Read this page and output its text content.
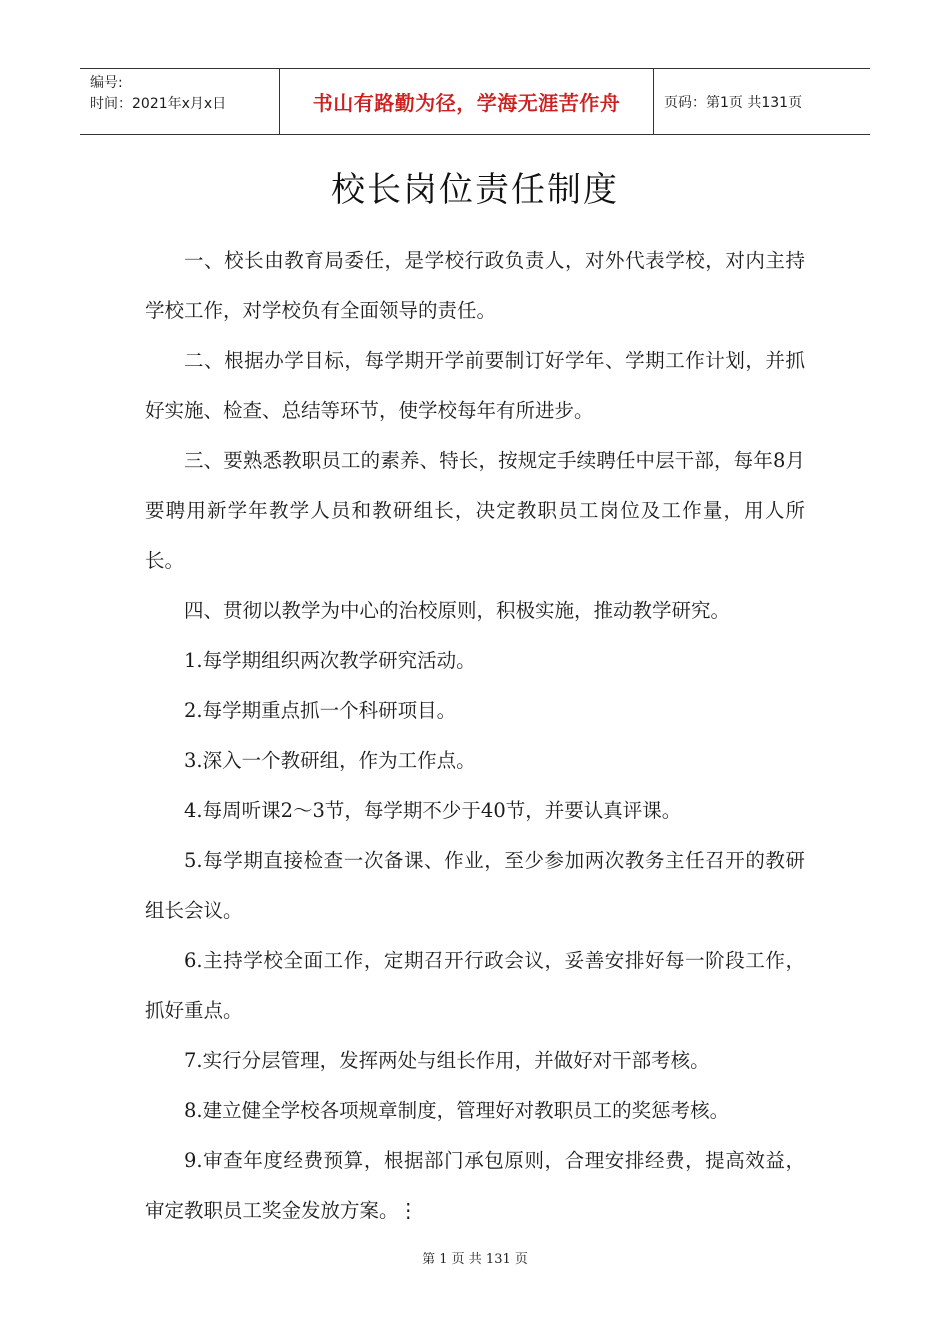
编号:
时间：2021年x月x日	书山有路勤为径，学海无涯苦作舟	页码：第1页 共131页
校长岗位责任制度

一、校长由教育局委任，是学校行政负责人，对外代表学校，对内主持学校工作，对学校负有全面领导的责任。

二、根据办学目标，每学期开学前要制订好学年、学期工作计划，并抓好实施、检查、总结等环节，使学校每年有所进步。

三、要熟悉教职员工的素养、特长，按规定手续聘任中层干部，每年8月要聘用新学年教学人员和教研组长，决定教职员工岗位及工作量，用人所长。

四、贯彻以教学为中心的治校原则，积极实施，推动教学研究。

1.每学期组织两次教学研究活动。

2.每学期重点抓一个科研项目。

3.深入一个教研组，作为工作点。

4.每周听课2～3节，每学期不少于40节，并要认真评课。

5.每学期直接检查一次备课、作业，至少参加两次教务主任召开的教研组长会议。

6.主持学校全面工作，定期召开行政会议，妥善安排好每一阶段工作，抓好重点。

7.实行分层管理，发挥两处与组长作用，并做好对干部考核。

8.建立健全学校各项规章制度，管理好对教职员工的奖惩考核。

9.审查年度经费预算，根据部门承包原则，合理安排经费，提高效益，审定教职员工奖金发放方案。⋮

第 1 页 共 131 页
